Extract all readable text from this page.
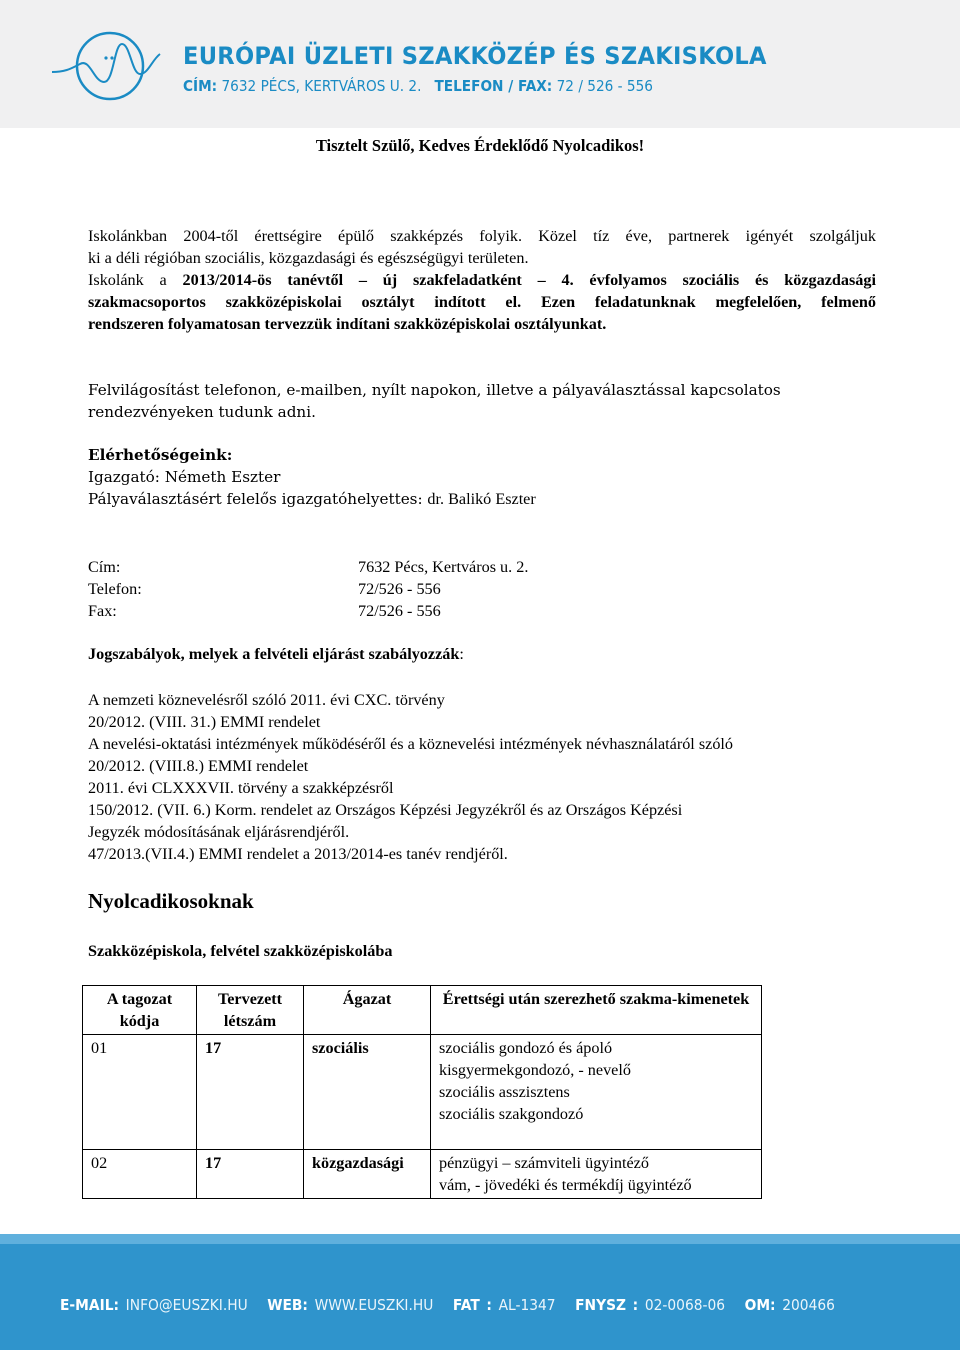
EURÓPAI ÜZLETI SZAKKÖZÉP ÉS SZAKISKOLA
CÍM: 7632 PÉCS, KERTVÁROS U. 2. TELEFON / FAX: 72 / 526 - 556
Tisztelt Szülő, Kedves Érdeklődő Nyolcadikos!
Iskolánkban 2004-től érettségire épülő szakképzés folyik. Közel tíz éve, partnerek igényét szolgáljuk
ki a déli régióban szociális, közgazdasági és egészségügyi területen.
Iskolánk a 2013/2014-ös tanévtől – új szakfeladatként – 4. évfolyamos szociális és közgazdasági
szakmacsoportos szakközépiskolai osztályt indított el. Ezen feladatunknak megfelelően, felmenő
rendszeren folyamatosan tervezzük indítani szakközépiskolai osztályunkat.
Felvilágosítást telefonon, e-mailben, nyílt napokon, illetve a pályaválasztással kapcsolatos
rendezvényeken tudunk adni.
Elérhetőségeink:
Igazgató: Németh Eszter
Pályaválasztásért felelős igazgatóhelyettes: dr. Balikó Eszter
Cím:	7632 Pécs, Kertváros u. 2.
Telefon:	72/526 - 556
Fax:	72/526 - 556
Jogszabályok, melyek a felvételi eljárást szabályozzák:
A nemzeti köznevelésről szóló 2011. évi CXC. törvény
20/2012. (VIII. 31.) EMMI rendelet
A nevelési-oktatási intézmények működéséről és a köznevelési intézmények névhasználatáról szóló
20/2012. (VIII.8.) EMMI rendelet
2011. évi CLXXXVII. törvény a szakképzésről
150/2012. (VII. 6.) Korm. rendelet az Országos Képzési Jegyzékről és az Országos Képzési
Jegyzék módosításának eljárásrendjéről.
47/2013.(VII.4.) EMMI rendelet a 2013/2014-es tanév rendjéről.
Nyolcadikosoknak
Szakközépiskola, felvétel szakközépiskolába
A tagozat kódja	Tervezett létszám	Ágazat	Érettségi után szerezhető szakma-kimenetek
01	17	szociális	szociális gondozó és ápoló
kisgyermekgondozó, - nevelő
szociális asszisztens
szociális szakgondozó

02	17	közgazdasági	pénzügyi – számviteli ügyintéző
vám, - jövedéki és termékdíj ügyintéző
E-MAIL: INFO@EUSZKI.HU WEB: WWW.EUSZKI.HU FAT : AL-1347 FNYSZ : 02-0068-06 OM: 200466
